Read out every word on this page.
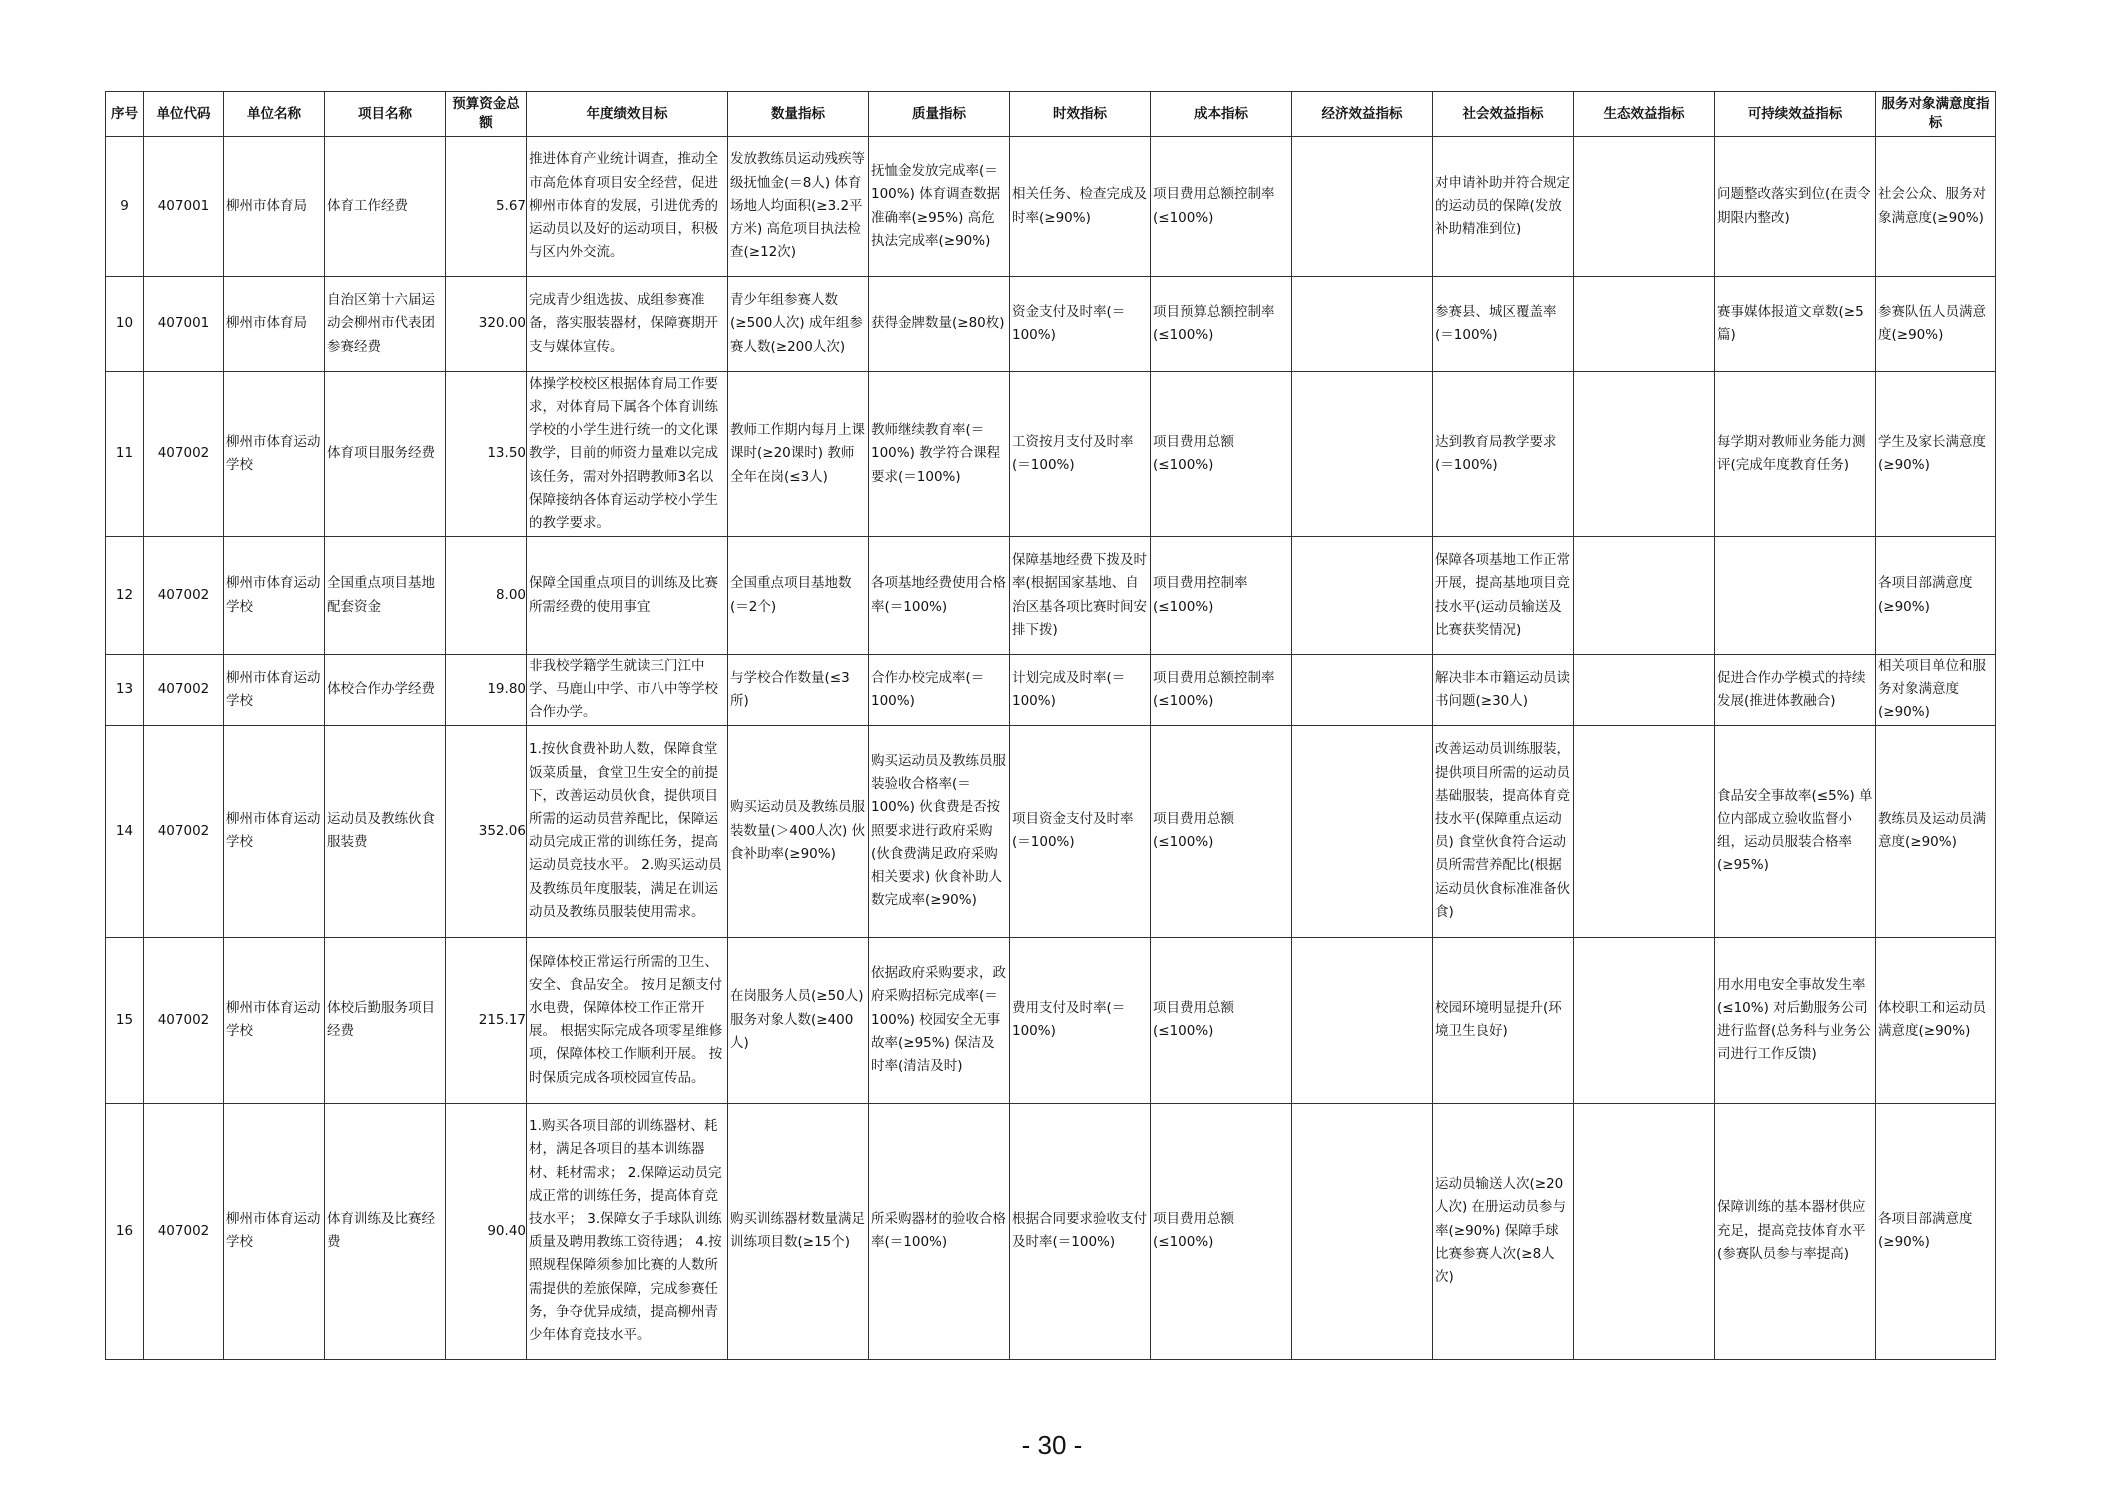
序号	单位代码	单位名称	项目名称	预算资金总额	年度绩效目标	数量指标	质量指标	时效指标	成本指标	经济效益指标	社会效益指标	生态效益指标	可持续效益指标	服务对象满意度指标
9	407001	柳州市体育局	体育工作经费	5.67	推进体育产业统计调查，推动全市高危体育项目安全经营，促进柳州市体育的发展，引进优秀的运动员以及好的运动项目，积极与区内外交流。	发放教练员运动残疾等级抚恤金(＝8人) 体育场地人均面积(≥3.2平方米) 高危项目执法检查(≥12次)	抚恤金发放完成率(＝100%) 体育调查数据准确率(≥95%) 高危执法完成率(≥90%)	相关任务、检查完成及时率(≥90%)	项目费用总额控制率(≤100%)		对申请补助并符合规定的运动员的保障(发放补助精准到位)		问题整改落实到位(在责令期限内整改)	社会公众、服务对象满意度(≥90%)
10	407001	柳州市体育局	自治区第十六届运动会柳州市代表团参赛经费	320.00	完成青少组选拔、成组参赛准备，落实服装器材，保障赛期开支与媒体宣传。	青少年组参赛人数(≥500人次) 成年组参赛人数(≥200人次)	获得金牌数量(≥80枚)	资金支付及时率(＝100%)	项目预算总额控制率(≤100%)		参赛县、城区覆盖率(＝100%)		赛事媒体报道文章数(≥5篇)	参赛队伍人员满意度(≥90%)
11	407002	柳州市体育运动学校	体育项目服务经费	13.50	体操学校校区根据体育局工作要求，对体育局下属各个体育训练学校的小学生进行统一的文化课教学，目前的师资力量难以完成该任务，需对外招聘教师3名以保障接纳各体育运动学校小学生的教学要求。	教师工作期内每月上课课时(≥20课时) 教师全年在岗(≤3人)	教师继续教育率(＝100%) 教学符合课程要求(＝100%)	工资按月支付及时率(＝100%)	项目费用总额(≤100%)		达到教育局教学要求(＝100%)		每学期对教师业务能力测评(完成年度教育任务)	学生及家长满意度(≥90%)
12	407002	柳州市体育运动学校	全国重点项目基地配套资金	8.00	保障全国重点项目的训练及比赛所需经费的使用事宜	全国重点项目基地数(＝2个)	各项基地经费使用合格率(＝100%)	保障基地经费下拨及时率(根据国家基地、自治区基各项比赛时间安排下拨)	项目费用控制率(≤100%)		保障各项基地工作正常开展，提高基地项目竞技水平(运动员输送及比赛获奖情况)			各项目部满意度(≥90%)
13	407002	柳州市体育运动学校	体校合作办学经费	19.80	非我校学籍学生就读三门江中学、马鹿山中学、市八中等学校合作办学。	与学校合作数量(≤3所)	合作办校完成率(＝100%)	计划完成及时率(＝100%)	项目费用总额控制率(≤100%)		解决非本市籍运动员读书问题(≥30人)		促进合作办学模式的持续发展(推进体教融合)	相关项目单位和服务对象满意度(≥90%)
14	407002	柳州市体育运动学校	运动员及教练伙食服装费	352.06	1.按伙食费补助人数，保障食堂饭菜质量，食堂卫生安全的前提下，改善运动员伙食，提供项目所需的运动员营养配比，保障运动员完成正常的训练任务，提高运动员竞技水平。 2.购买运动员及教练员年度服装，满足在训运动员及教练员服装使用需求。	购买运动员及教练员服装数量(＞400人次) 伙食补助率(≥90%)	购买运动员及教练员服装验收合格率(＝100%) 伙食费是否按照要求进行政府采购(伙食费满足政府采购相关要求) 伙食补助人数完成率(≥90%)	项目资金支付及时率(＝100%)	项目费用总额(≤100%)		改善运动员训练服装，提供项目所需的运动员基础服装，提高体育竞技水平(保障重点运动员) 食堂伙食符合运动员所需营养配比(根据运动员伙食标准准备伙食)		食品安全事故率(≤5%) 单位内部成立验收监督小组，运动员服装合格率(≥95%)	教练员及运动员满意度(≥90%)
15	407002	柳州市体育运动学校	体校后勤服务项目经费	215.17	保障体校正常运行所需的卫生、安全、食品安全。 按月足额支付水电费，保障体校工作正常开展。 根据实际完成各项零星维修项，保障体校工作顺利开展。 按时保质完成各项校园宣传品。	在岗服务人员(≥50人) 服务对象人数(≥400人)	依据政府采购要求，政府采购招标完成率(＝100%) 校园安全无事故率(≥95%) 保洁及时率(清洁及时)	费用支付及时率(＝100%)	项目费用总额(≤100%)		校园环境明显提升(环境卫生良好)		用水用电安全事故发生率(≤10%) 对后勤服务公司进行监督(总务科与业务公司进行工作反馈)	体校职工和运动员满意度(≥90%)
16	407002	柳州市体育运动学校	体育训练及比赛经费	90.40	1.购买各项目部的训练器材、耗材，满足各项目的基本训练器材、耗材需求； 2.保障运动员完成正常的训练任务，提高体育竞技水平； 3.保障女子手球队训练质量及聘用教练工资待遇； 4.按照规程保障须参加比赛的人数所需提供的差旅保障，完成参赛任务，争夺优异成绩，提高柳州青少年体育竞技水平。	购买训练器材数量满足训练项目数(≥15个)	所采购器材的验收合格率(＝100%)	根据合同要求验收支付及时率(＝100%)	项目费用总额(≤100%)		运动员输送人次(≥20人次) 在册运动员参与率(≥90%) 保障手球比赛参赛人次(≥8人次)		保障训练的基本器材供应充足，提高竞技体育水平(参赛队员参与率提高)	各项目部满意度(≥90%)
- 30 -
